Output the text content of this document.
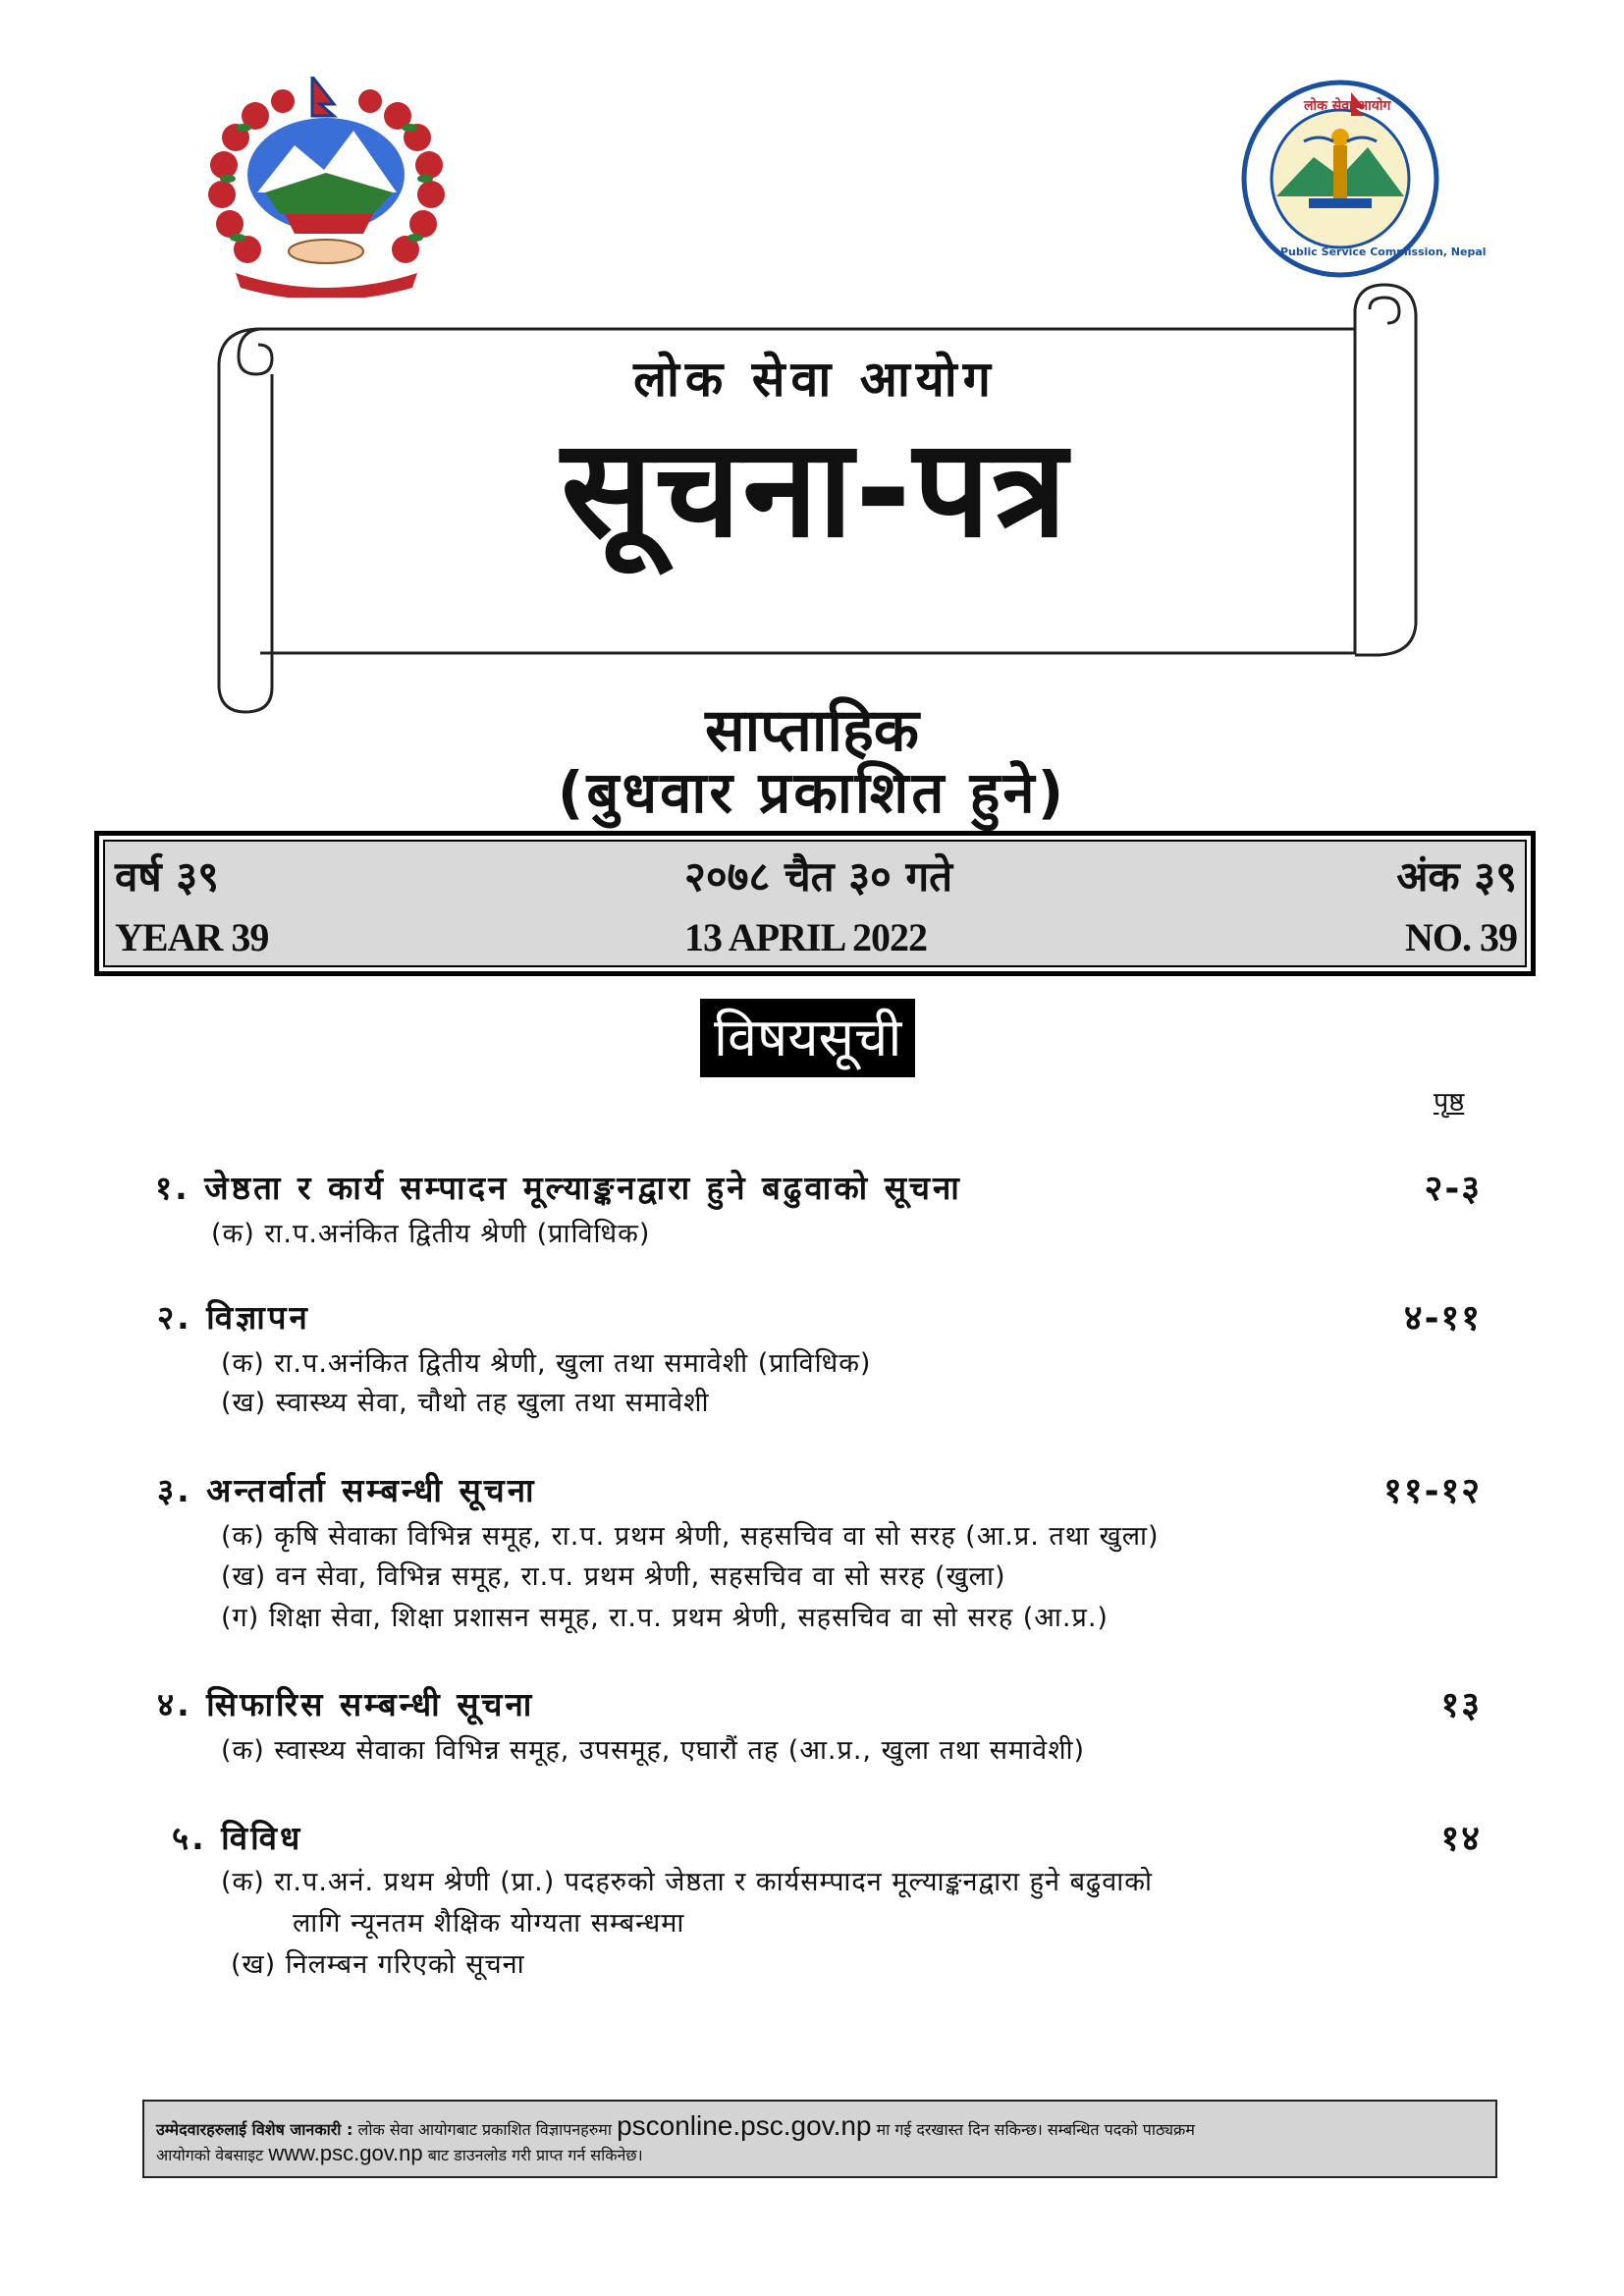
लोक सेवा आयोग
Public Service Commission, Nepal
लोक सेवा आयोग
सूचना-पत्र
साप्ताहिक
(बुधवार प्रकाशित हुने)
वर्ष ३९	२०७८ चैत ३० गते	अंक ३९
YEAR 39	13 APRIL 2022	NO. 39
विषयसूची
पृष्ठ
१. जेष्ठता र कार्य सम्पादन मूल्याङ्कनद्वारा हुने बढुवाको सूचना	२-३
(क) रा.प.अनंकित द्वितीय श्रेणी (प्राविधिक)
२. विज्ञापन	४-११
(क) रा.प.अनंकित द्वितीय श्रेणी, खुला तथा समावेशी (प्राविधिक)
(ख) स्वास्थ्य सेवा, चौथो तह खुला तथा समावेशी
३. अन्तर्वार्ता सम्बन्धी सूचना	११-१२
(क) कृषि सेवाका विभिन्न समूह, रा.प. प्रथम श्रेणी, सहसचिव वा सो सरह (आ.प्र. तथा खुला)
(ख) वन सेवा, विभिन्न समूह, रा.प. प्रथम श्रेणी, सहसचिव वा सो सरह (खुला)
(ग) शिक्षा सेवा, शिक्षा प्रशासन समूह, रा.प. प्रथम श्रेणी, सहसचिव वा सो सरह (आ.प्र.)
४. सिफारिस सम्बन्धी सूचना	१३
(क) स्वास्थ्य सेवाका विभिन्न समूह, उपसमूह, एघारौं तह (आ.प्र., खुला तथा समावेशी)
५. विविध	१४
(क) रा.प.अनं. प्रथम श्रेणी (प्रा.) पदहरुको जेष्ठता र कार्यसम्पादन मूल्याङ्कनद्वारा हुने बढुवाको
लागि न्यूनतम शैक्षिक योग्यता सम्बन्धमा
(ख) निलम्बन गरिएको सूचना
उम्मेदवारहरुलाई विशेष जानकारी : लोक सेवा आयोगबाट प्रकाशित विज्ञापनहरुमा psconline.psc.gov.np मा गई दरखास्त दिन सकिन्छ। सम्बन्धित पदको पाठ्यक्रम
आयोगको वेबसाइट www.psc.gov.np बाट डाउनलोड गरी प्राप्त गर्न सकिनेछ।
